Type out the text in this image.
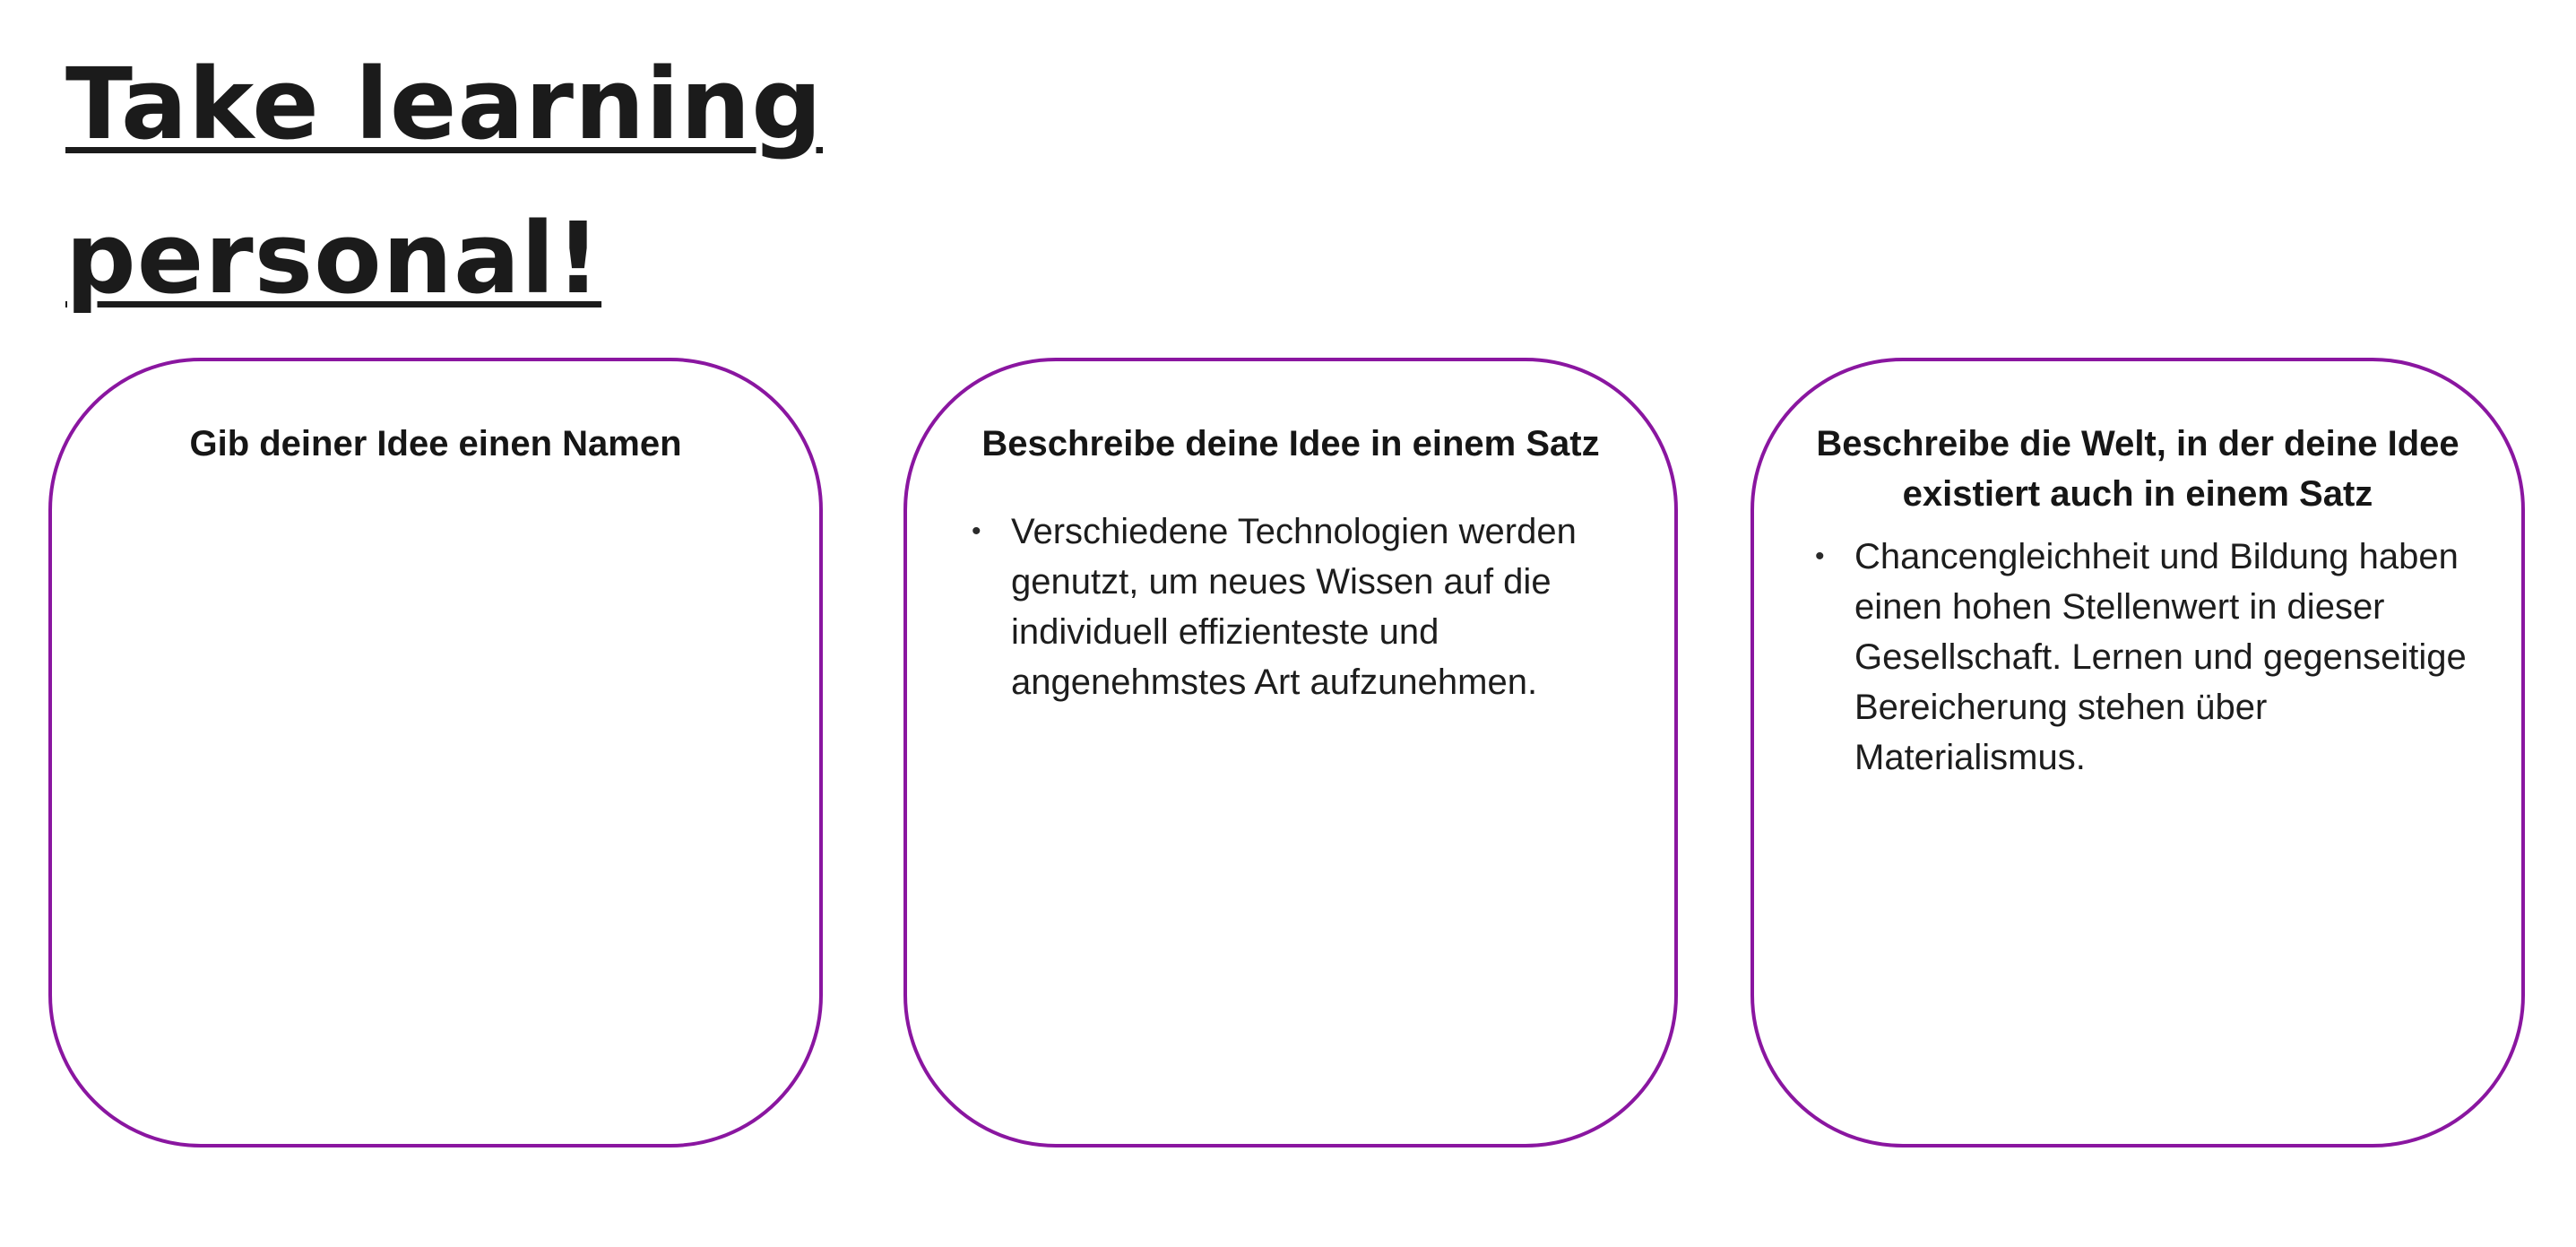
Take learning
personal!
Gib deiner Idee einen Namen	Beschreibe deine Idee in einem Satz
• Verschiedene Technologien werden genutzt, um neues Wissen auf die individuell effizienteste und angenehmstes Art aufzunehmen.
Beschreibe die Welt, in der deine Idee existiert auch in einem Satz
• Chancengleichheit und Bildung haben einen hohen Stellenwert in dieser Gesellschaft. Lernen und gegenseitige Bereicherung stehen über Materialismus.
